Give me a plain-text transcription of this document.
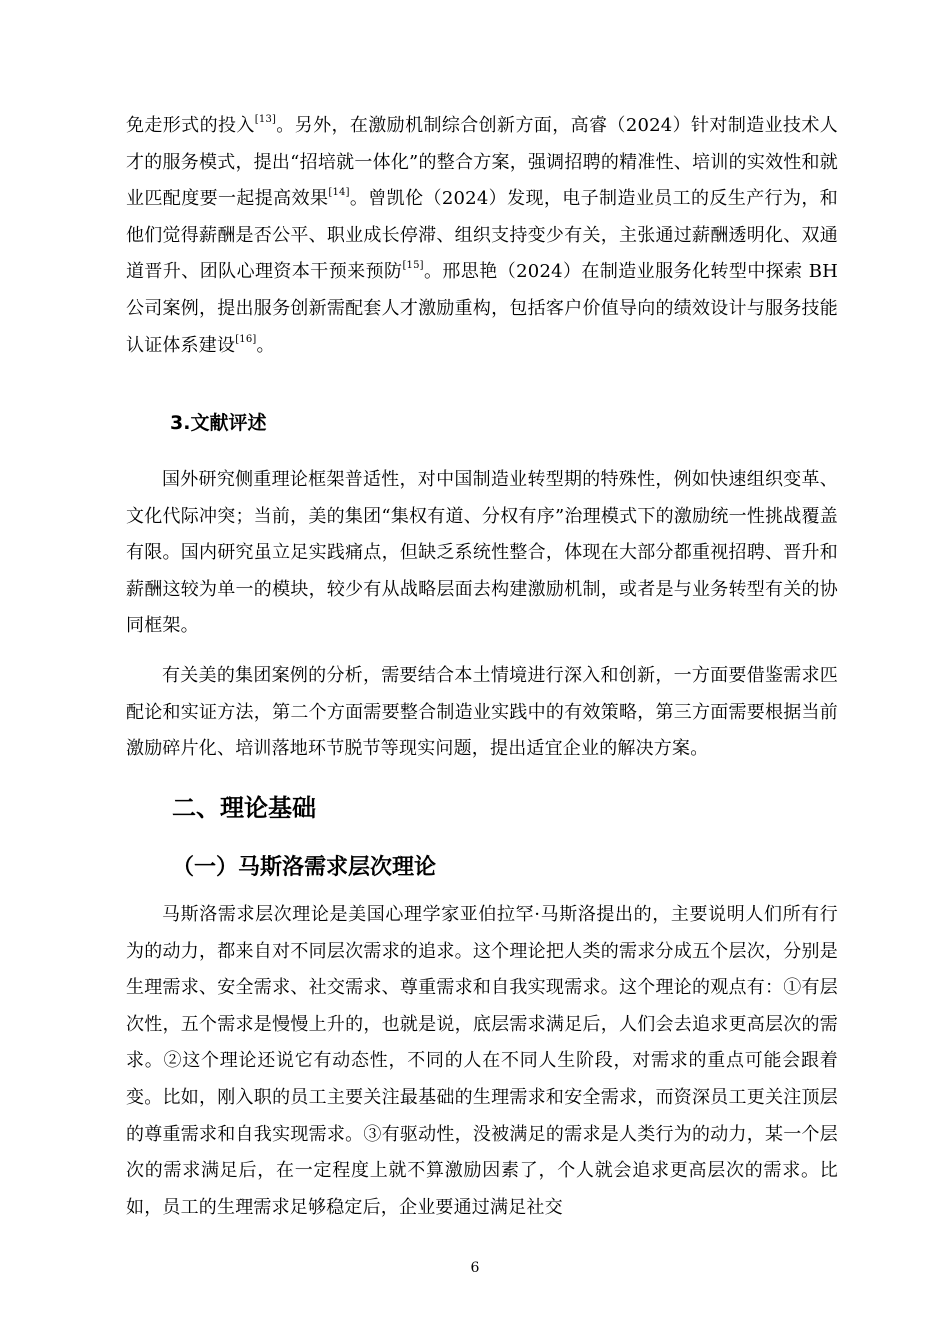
免走形式的投入[13]。另外，在激励机制综合创新方面，高睿（2024）针对制造业技术人才的服务模式，提出“招培就一体化”的整合方案，强调招聘的精准性、培训的实效性和就业匹配度要一起提高效果[14]。曾凯伦（2024）发现，电子制造业员工的反生产行为，和他们觉得薪酬是否公平、职业成长停滞、组织支持变少有关，主张通过薪酬透明化、双通道晋升、团队心理资本干预来预防[15]。邢思艳（2024）在制造业服务化转型中探索 BH 公司案例，提出服务创新需配套人才激励重构，包括客户价值导向的绩效设计与服务技能认证体系建设[16]。
3.文献评述
国外研究侧重理论框架普适性，对中国制造业转型期的特殊性，例如快速组织变革、文化代际冲突；当前，美的集团“集权有道、分权有序”治理模式下的激励统一性挑战覆盖有限。国内研究虽立足实践痛点，但缺乏系统性整合，体现在大部分都重视招聘、晋升和薪酬这较为单一的模块，较少有从战略层面去构建激励机制，或者是与业务转型有关的协同框架。
有关美的集团案例的分析，需要结合本土情境进行深入和创新，一方面要借鉴需求匹配论和实证方法，第二个方面需要整合制造业实践中的有效策略，第三方面需要根据当前激励碎片化、培训落地环节脱节等现实问题，提出适宜企业的解决方案。
二、理论基础
（一）马斯洛需求层次理论
马斯洛需求层次理论是美国心理学家亚伯拉罕·马斯洛提出的，主要说明人们所有行为的动力，都来自对不同层次需求的追求。这个理论把人类的需求分成五个层次，分别是生理需求、安全需求、社交需求、尊重需求和自我实现需求。这个理论的观点有：①有层次性，五个需求是慢慢上升的，也就是说，底层需求满足后，人们会去追求更高层次的需求。②这个理论还说它有动态性，不同的人在不同人生阶段，对需求的重点可能会跟着变。比如，刚入职的员工主要关注最基础的生理需求和安全需求，而资深员工更关注顶层的尊重需求和自我实现需求。③有驱动性，没被满足的需求是人类行为的动力，某一个层次的需求满足后，在一定程度上就不算激励因素了，个人就会追求更高层次的需求。比如，员工的生理需求足够稳定后，企业要通过满足社交
6
